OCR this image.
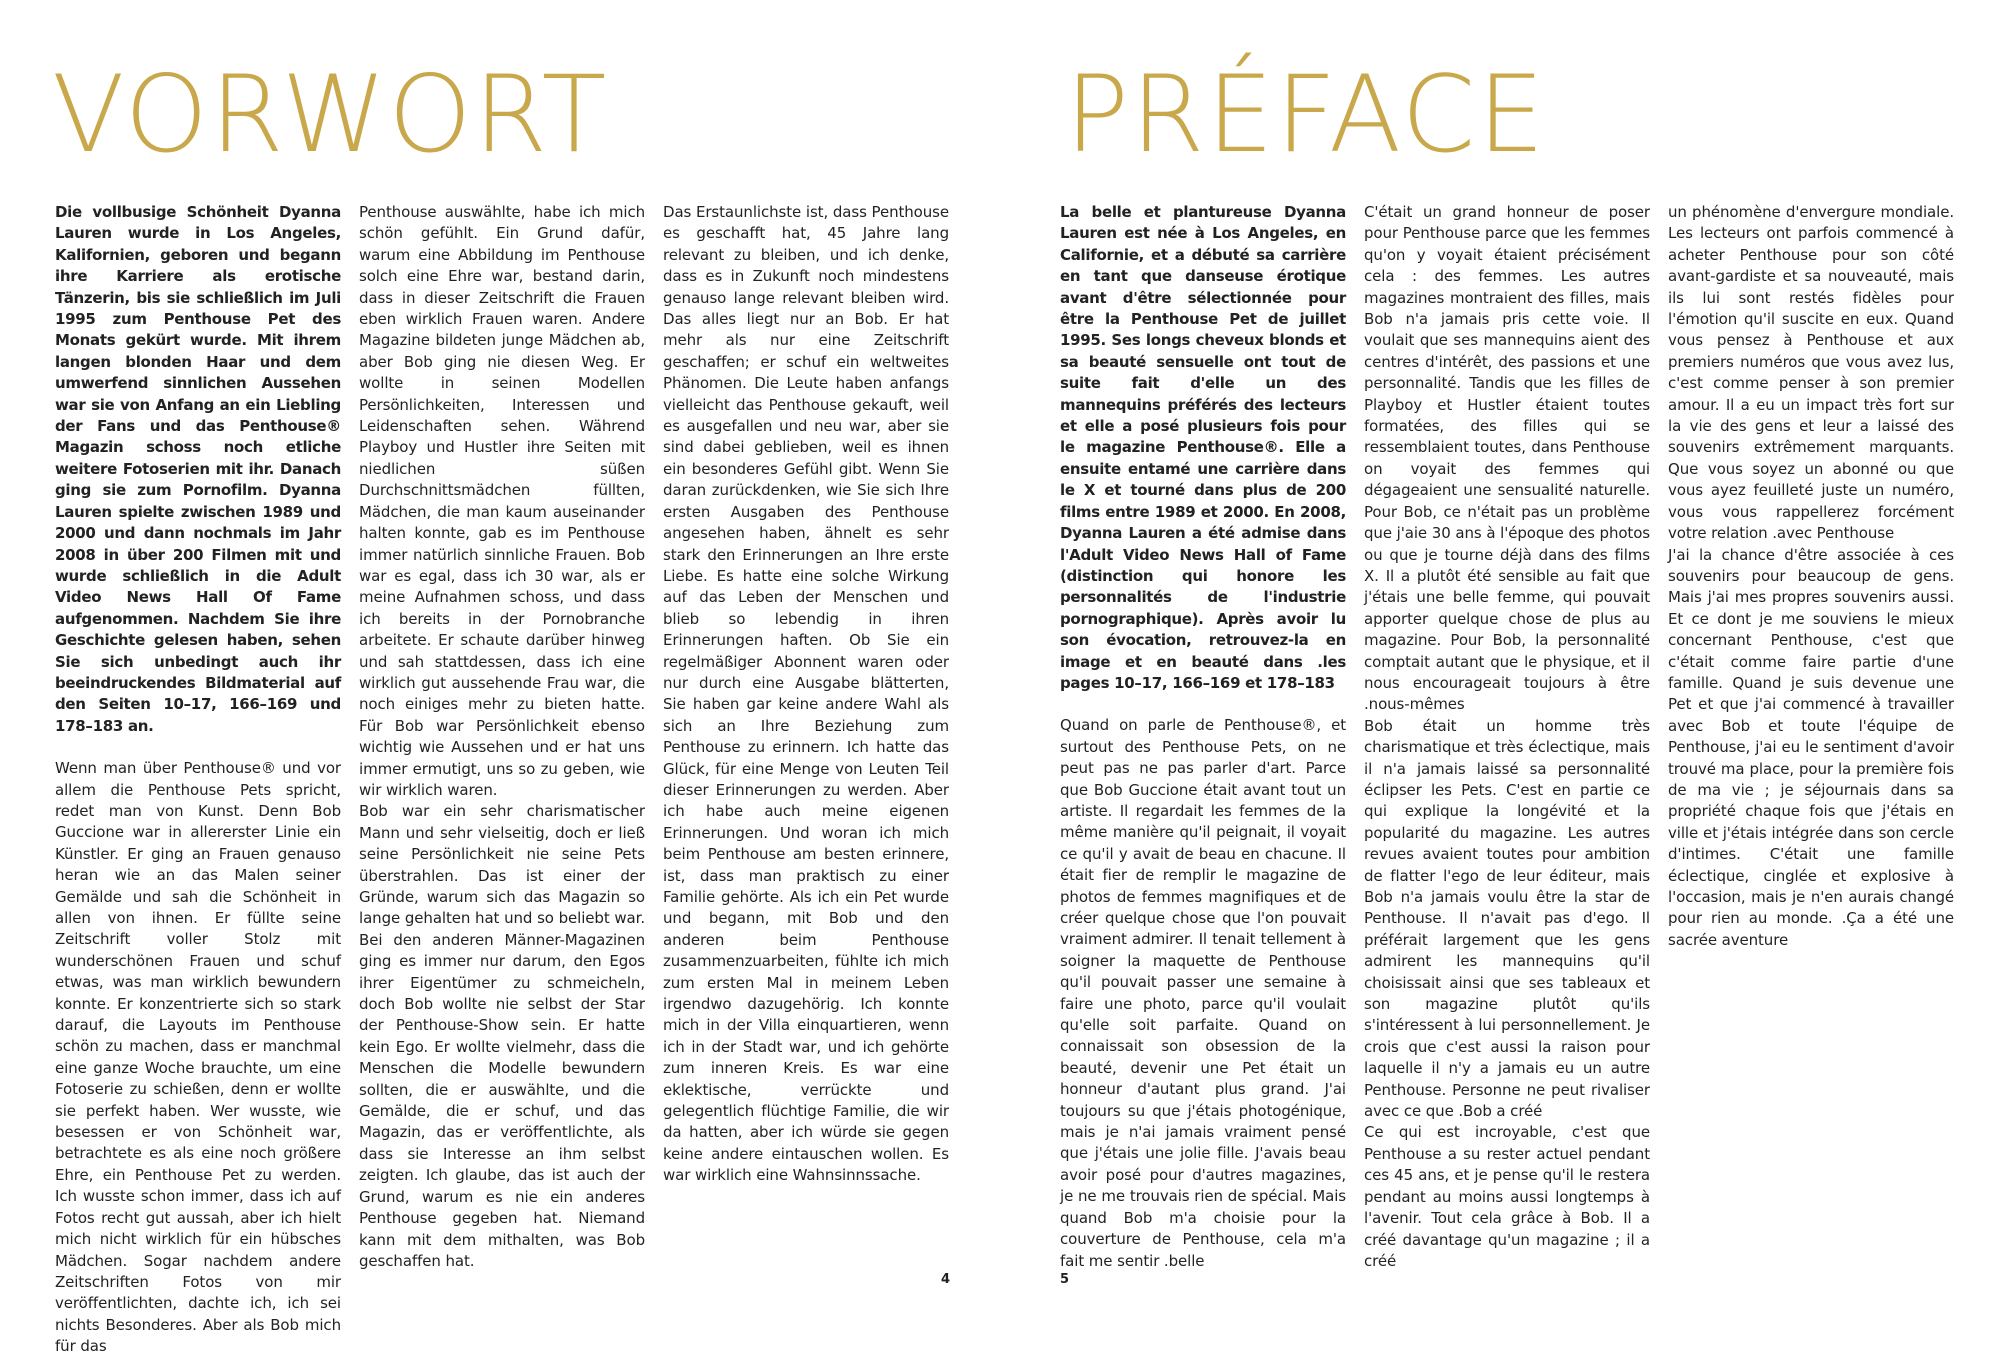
VORWORT

Die vollbusige Schönheit Dyanna Lauren wurde in Los Angeles, Kalifornien, geboren und begann ihre Karriere als erotische Tänzerin, bis sie schließlich im Juli 1995 zum Penthouse Pet des Monats gekürt wurde. Mit ihrem langen blonden Haar und dem umwerfend sinnlichen Aussehen war sie von Anfang an ein Liebling der Fans und das Penthouse® Magazin schoss noch etliche weitere Fotoserien mit ihr. Danach ging sie zum Pornofilm. Dyanna Lauren spielte zwischen 1989 und 2000 und dann nochmals im Jahr 2008 in über 200 Filmen mit und wurde schließlich in die Adult Video News Hall Of Fame aufgenommen. Nachdem Sie ihre Geschichte gelesen haben, sehen Sie sich unbedingt auch ihr beeindruckendes Bildmaterial auf den Seiten 10–17, 166–169 und 178–183 an.

Wenn man über Penthouse® und vor allem die Penthouse Pets spricht, redet man von Kunst. Denn Bob Guccione war in allererster Linie ein Künstler. Er ging an Frauen genauso heran wie an das Malen seiner Gemälde und sah die Schönheit in allen von ihnen. Er füllte seine Zeitschrift voller Stolz mit wunderschönen Frauen und schuf etwas, was man wirklich bewundern konnte. Er konzentrierte sich so stark darauf, die Layouts im Penthouse schön zu machen, dass er manchmal eine ganze Woche brauchte, um eine Fotoserie zu schießen, denn er wollte sie perfekt haben. Wer wusste, wie besessen er von Schönheit war, betrachtete es als eine noch größere Ehre, ein Penthouse Pet zu werden. Ich wusste schon immer, dass ich auf Fotos recht gut aussah, aber ich hielt mich nicht wirklich für ein hübsches Mädchen. Sogar nachdem andere Zeitschriften Fotos von mir veröffentlichten, dachte ich, ich sei nichts Besonderes. Aber als Bob mich für das

Penthouse auswählte, habe ich mich schön gefühlt. Ein Grund dafür, warum eine Abbildung im Penthouse solch eine Ehre war, bestand darin, dass in dieser Zeitschrift die Frauen eben wirklich Frauen waren. Andere Magazine bildeten junge Mädchen ab, aber Bob ging nie diesen Weg. Er wollte in seinen Modellen Persönlichkeiten, Interessen und Leidenschaften sehen. Während Playboy und Hustler ihre Seiten mit niedlichen süßen Durchschnittsmädchen füllten, Mädchen, die man kaum auseinander halten konnte, gab es im Penthouse immer natürlich sinnliche Frauen. Bob war es egal, dass ich 30 war, als er meine Aufnahmen schoss, und dass ich bereits in der Pornobranche arbeitete. Er schaute darüber hinweg und sah stattdessen, dass ich eine wirklich gut aussehende Frau war, die noch einiges mehr zu bieten hatte. Für Bob war Persönlichkeit ebenso wichtig wie Aussehen und er hat uns immer ermutigt, uns so zu geben, wie wir wirklich waren.

Bob war ein sehr charismatischer Mann und sehr vielseitig, doch er ließ seine Persönlichkeit nie seine Pets überstrahlen. Das ist einer der Gründe, warum sich das Magazin so lange gehalten hat und so beliebt war. Bei den anderen Männer-Magazinen ging es immer nur darum, den Egos ihrer Eigentümer zu schmeicheln, doch Bob wollte nie selbst der Star der Penthouse-Show sein. Er hatte kein Ego. Er wollte vielmehr, dass die Menschen die Modelle bewundern sollten, die er auswählte, und die Gemälde, die er schuf, und das Magazin, das er veröffentlichte, als dass sie Interesse an ihm selbst zeigten. Ich glaube, das ist auch der Grund, warum es nie ein anderes Penthouse gegeben hat. Niemand kann mit dem mithalten, was Bob geschaffen hat.

Das Erstaunlichste ist, dass Penthouse es geschafft hat, 45 Jahre lang relevant zu bleiben, und ich denke, dass es in Zukunft noch mindestens genauso lange relevant bleiben wird. Das alles liegt nur an Bob. Er hat mehr als nur eine Zeitschrift geschaffen; er schuf ein weltweites Phänomen. Die Leute haben anfangs vielleicht das Penthouse gekauft, weil es ausgefallen und neu war, aber sie sind dabei geblieben, weil es ihnen ein besonderes Gefühl gibt. Wenn Sie daran zurückdenken, wie Sie sich Ihre ersten Ausgaben des Penthouse angesehen haben, ähnelt es sehr stark den Erinnerungen an Ihre erste Liebe. Es hatte eine solche Wirkung auf das Leben der Menschen und blieb so lebendig in ihren Erinnerungen haften. Ob Sie ein regelmäßiger Abonnent waren oder nur durch eine Ausgabe blätterten, Sie haben gar keine andere Wahl als sich an Ihre Beziehung zum Penthouse zu erinnern. Ich hatte das Glück, für eine Menge von Leuten Teil dieser Erinnerungen zu werden. Aber ich habe auch meine eigenen Erinnerungen. Und woran ich mich beim Penthouse am besten erinnere, ist, dass man praktisch zu einer Familie gehörte. Als ich ein Pet wurde und begann, mit Bob und den anderen beim Penthouse zusammenzuarbeiten, fühlte ich mich zum ersten Mal in meinem Leben irgendwo dazugehörig. Ich konnte mich in der Villa einquartieren, wenn ich in der Stadt war, und ich gehörte zum inneren Kreis. Es war eine eklektische, verrückte und gelegentlich flüchtige Familie, die wir da hatten, aber ich würde sie gegen keine andere eintauschen wollen. Es war wirklich eine Wahnsinnssache.

4
PRÉFACE

La belle et plantureuse Dyanna Lauren est née à Los Angeles, en Californie, et a débuté sa carrière en tant que danseuse érotique avant d'être sélectionnée pour être la Penthouse Pet de juillet 1995. Ses longs cheveux blonds et sa beauté sensuelle ont tout de suite fait d'elle un des mannequins préférés des lecteurs et elle a posé plusieurs fois pour le magazine Penthouse®. Elle a ensuite entamé une carrière dans le X et tourné dans plus de 200 films entre 1989 et 2000. En 2008, Dyanna Lauren a été admise dans l'Adult Video News Hall of Fame (distinction qui honore les personnalités de l'industrie pornographique). Après avoir lu son évocation, retrouvez-la en image et en beauté dans .les pages 10–17, 166–169 et 178–183

Quand on parle de Penthouse®, et surtout des Penthouse Pets, on ne peut pas ne pas parler d'art. Parce que Bob Guccione était avant tout un artiste. Il regardait les femmes de la même manière qu'il peignait, il voyait ce qu'il y avait de beau en chacune. Il était fier de remplir le magazine de photos de femmes magnifiques et de créer quelque chose que l'on pouvait vraiment admirer. Il tenait tellement à soigner la maquette de Penthouse qu'il pouvait passer une semaine à faire une photo, parce qu'il voulait qu'elle soit parfaite. Quand on connaissait son obsession de la beauté, devenir une Pet était un honneur d'autant plus grand. J'ai toujours su que j'étais photogénique, mais je n'ai jamais vraiment pensé que j'étais une jolie fille. J'avais beau avoir posé pour d'autres magazines, je ne me trouvais rien de spécial. Mais quand Bob m'a choisie pour la couverture de Penthouse, cela m'a fait me sentir .belle

C'était un grand honneur de poser pour Penthouse parce que les femmes qu'on y voyait étaient précisément cela : des femmes. Les autres magazines montraient des filles, mais Bob n'a jamais pris cette voie. Il voulait que ses mannequins aient des centres d'intérêt, des passions et une personnalité. Tandis que les filles de Playboy et Hustler étaient toutes formatées, des filles qui se ressemblaient toutes, dans Penthouse on voyait des femmes qui dégageaient une sensualité naturelle. Pour Bob, ce n'était pas un problème que j'aie 30 ans à l'époque des photos ou que je tourne déjà dans des films X. Il a plutôt été sensible au fait que j'étais une belle femme, qui pouvait apporter quelque chose de plus au magazine. Pour Bob, la personnalité comptait autant que le physique, et il nous encourageait toujours à être .nous-mêmes

Bob était un homme très charismatique et très éclectique, mais il n'a jamais laissé sa personnalité éclipser les Pets. C'est en partie ce qui explique la longévité et la popularité du magazine. Les autres revues avaient toutes pour ambition de flatter l'ego de leur éditeur, mais Bob n'a jamais voulu être la star de Penthouse. Il n'avait pas d'ego. Il préférait largement que les gens admirent les mannequins qu'il choisissait ainsi que ses tableaux et son magazine plutôt qu'ils s'intéressent à lui personnellement. Je crois que c'est aussi la raison pour laquelle il n'y a jamais eu un autre Penthouse. Personne ne peut rivaliser avec ce que .Bob a créé

Ce qui est incroyable, c'est que Penthouse a su rester actuel pendant ces 45 ans, et je pense qu'il le restera pendant au moins aussi longtemps à l'avenir. Tout cela grâce à Bob. Il a créé davantage qu'un magazine ; il a créé

un phénomène d'envergure mondiale. Les lecteurs ont parfois commencé à acheter Penthouse pour son côté avant-gardiste et sa nouveauté, mais ils lui sont restés fidèles pour l'émotion qu'il suscite en eux. Quand vous pensez à Penthouse et aux premiers numéros que vous avez lus, c'est comme penser à son premier amour. Il a eu un impact très fort sur la vie des gens et leur a laissé des souvenirs extrêmement marquants. Que vous soyez un abonné ou que vous ayez feuilleté juste un numéro, vous vous rappellerez forcément votre relation .avec Penthouse

J'ai la chance d'être associée à ces souvenirs pour beaucoup de gens. Mais j'ai mes propres souvenirs aussi. Et ce dont je me souviens le mieux concernant Penthouse, c'est que c'était comme faire partie d'une famille. Quand je suis devenue une Pet et que j'ai commencé à travailler avec Bob et toute l'équipe de Penthouse, j'ai eu le sentiment d'avoir trouvé ma place, pour la première fois de ma vie ; je séjournais dans sa propriété chaque fois que j'étais en ville et j'étais intégrée dans son cercle d'intimes. C'était une famille éclectique, cinglée et explosive à l'occasion, mais je n'en aurais changé pour rien au monde. .Ça a été une sacrée aventure

5
